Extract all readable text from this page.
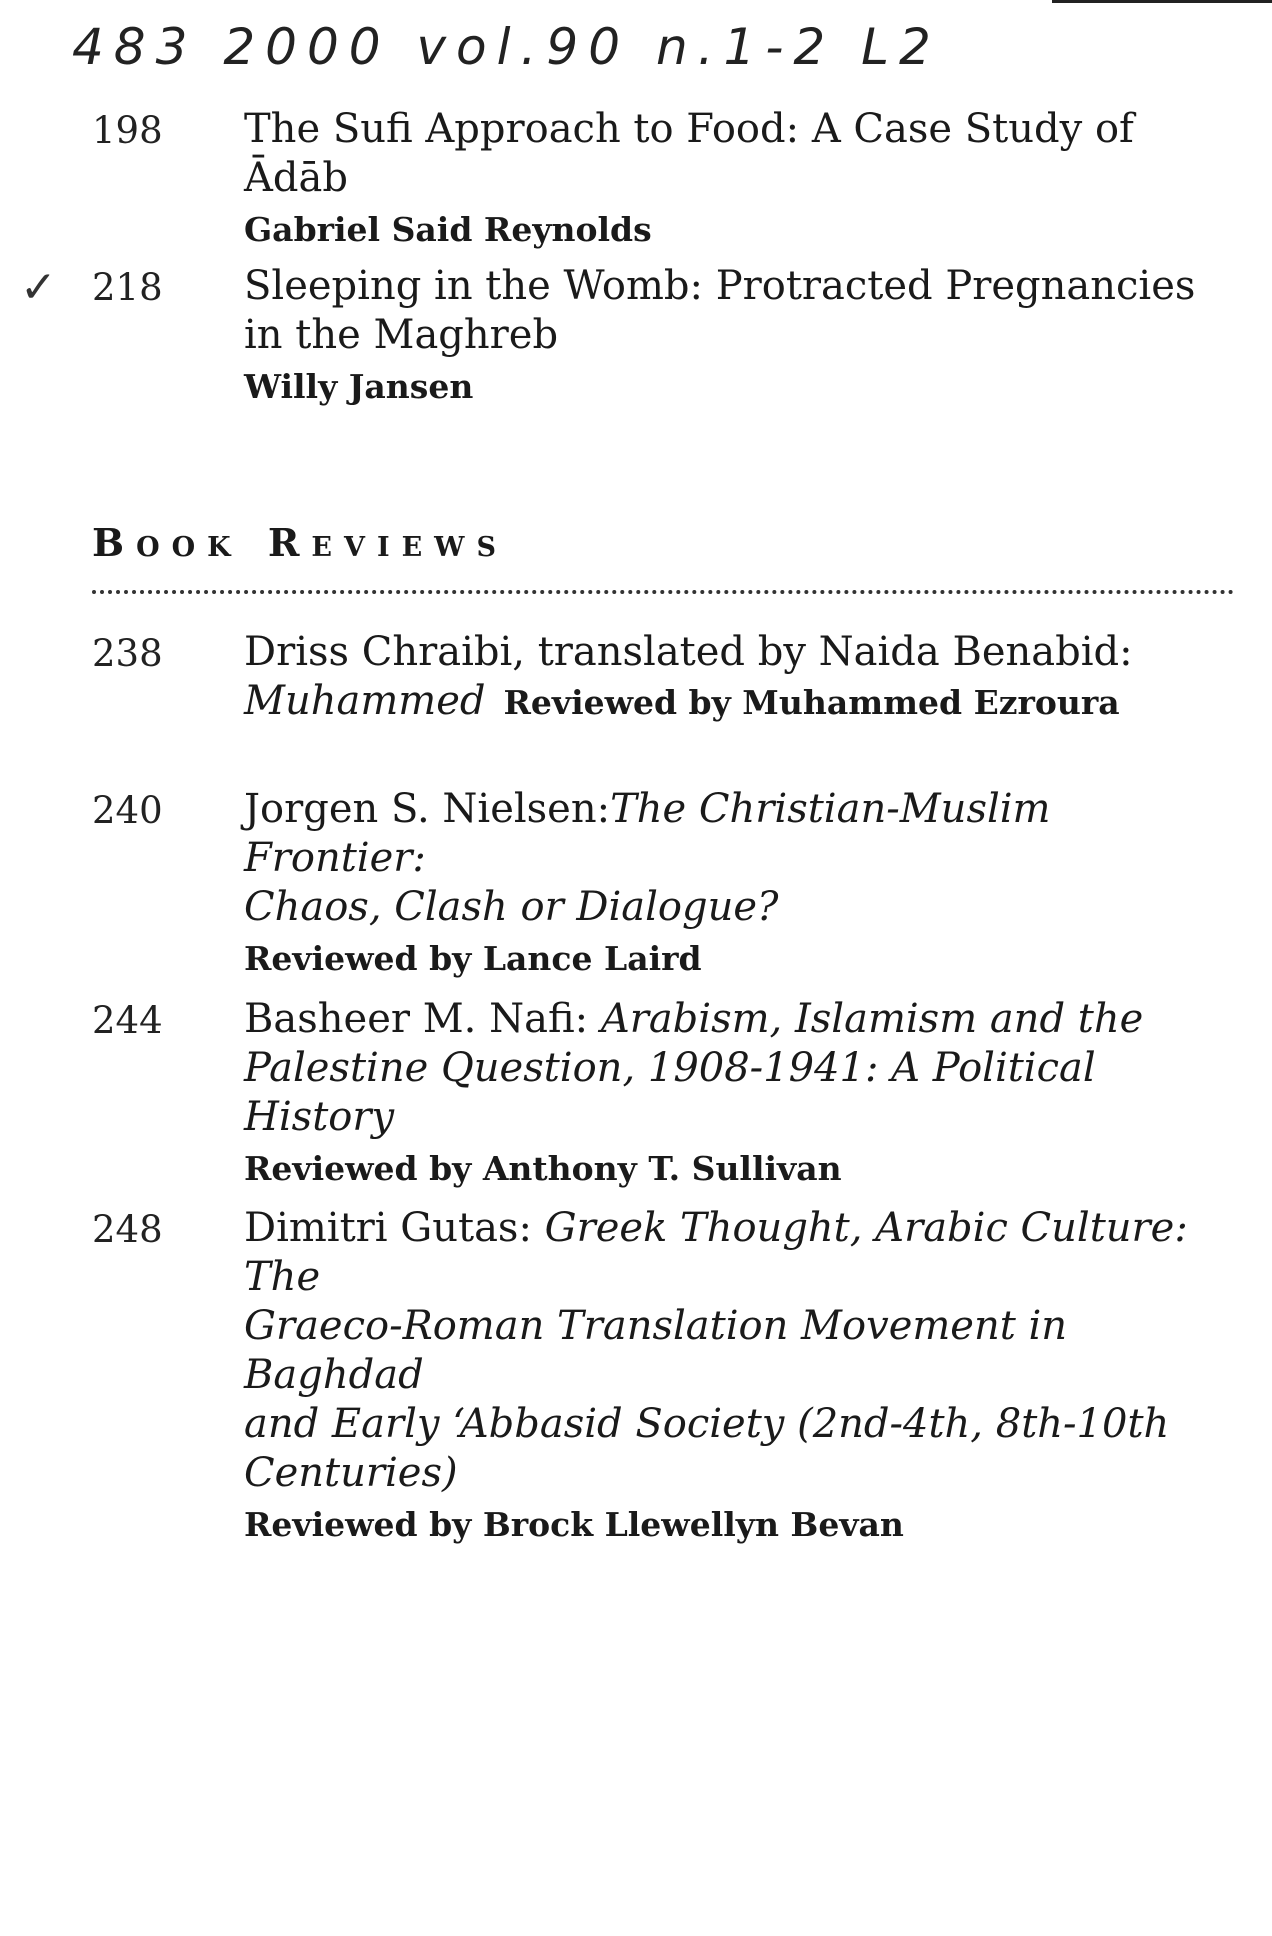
483 2000 vol.90 n.1-2 L2
198 The Sufi Approach to Food: A Case Study of Ādāb

Gabriel Said Reynolds
✓ 218 Sleeping in the Womb: Protracted Pregnancies

in the Maghreb

Willy Jansen
Book Reviews
238 Driss Chraibi, translated by Naida Benabid:

Muhammed Reviewed by Muhammed Ezroura

240 Jorgen S. Nielsen:The Christian-Muslim Frontier:

Chaos, Clash or Dialogue?

Reviewed by Lance Laird
244 Basheer M. Nafi: Arabism, Islamism and the

Palestine Question, 1908-1941: A Political History

Reviewed by Anthony T. Sullivan
248 Dimitri Gutas: Greek Thought, Arabic Culture: The

Graeco-Roman Translation Movement in Baghdad

and Early ‘Abbasid Society (2nd-4th, 8th-10th

Centuries)

Reviewed by Brock Llewellyn Bevan
